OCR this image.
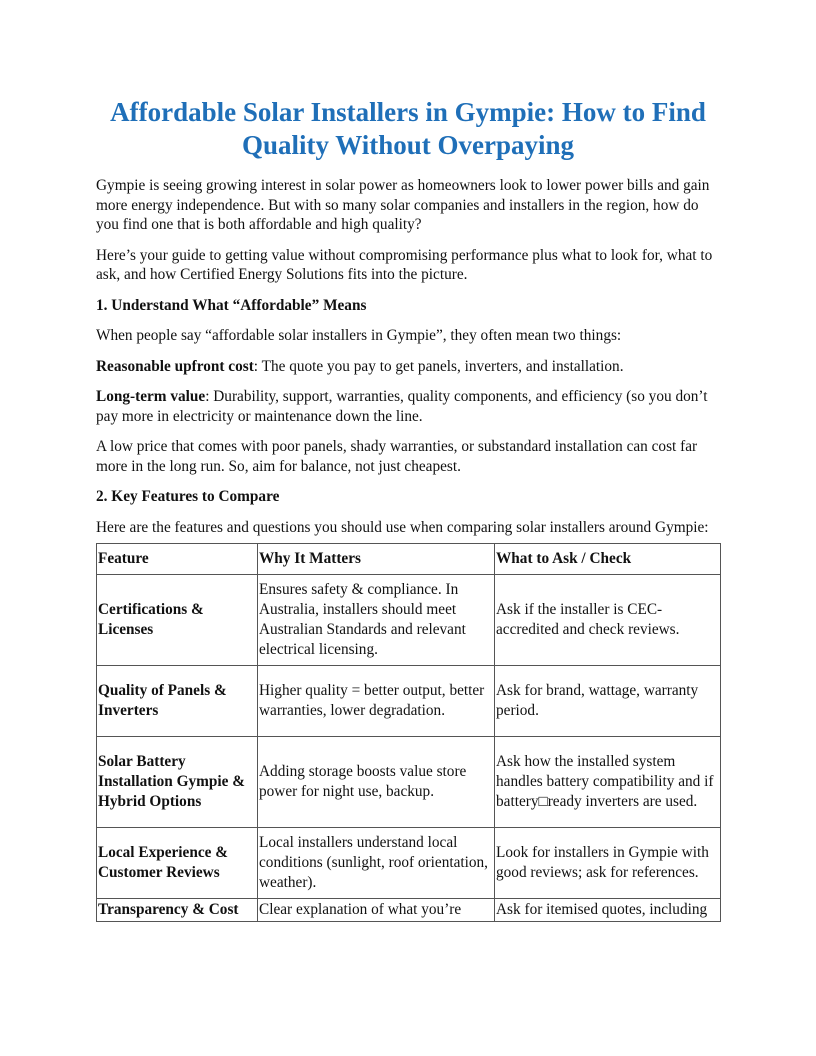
Affordable Solar Installers in Gympie: How to Find Quality Without Overpaying

Gympie is seeing growing interest in solar power as homeowners look to lower power bills and gain more energy independence. But with so many solar companies and installers in the region, how do you find one that is both affordable and high quality?

Here’s your guide to getting value without compromising performance plus what to look for, what to ask, and how Certified Energy Solutions fits into the picture.

1. Understand What “Affordable” Means

When people say “affordable solar installers in Gympie”, they often mean two things:

Reasonable upfront cost: The quote you pay to get panels, inverters, and installation.

Long-term value: Durability, support, warranties, quality components, and efficiency (so you don’t pay more in electricity or maintenance down the line.

A low price that comes with poor panels, shady warranties, or substandard installation can cost far more in the long run. So, aim for balance, not just cheapest.

2. Key Features to Compare

Here are the features and questions you should use when comparing solar installers around Gympie:

Feature	Why It Matters	What to Ask / Check
Certifications & Licenses	Ensures safety & compliance. In Australia, installers should meet Australian Standards and relevant electrical licensing.	Ask if the installer is CEC-accredited and check reviews.
Quality of Panels & Inverters	Higher quality = better output, better warranties, lower degradation.	Ask for brand, wattage, warranty period.
Solar Battery Installation Gympie & Hybrid Options	Adding storage boosts value store power for night use, backup.	Ask how the installed system handles battery compatibility and if battery□ready inverters are used.
Local Experience & Customer Reviews	Local installers understand local conditions (sunlight, roof orientation, weather).	Look for installers in Gympie with good reviews; ask for references.
Transparency & Cost	Clear explanation of what you’re	Ask for itemised quotes, including
